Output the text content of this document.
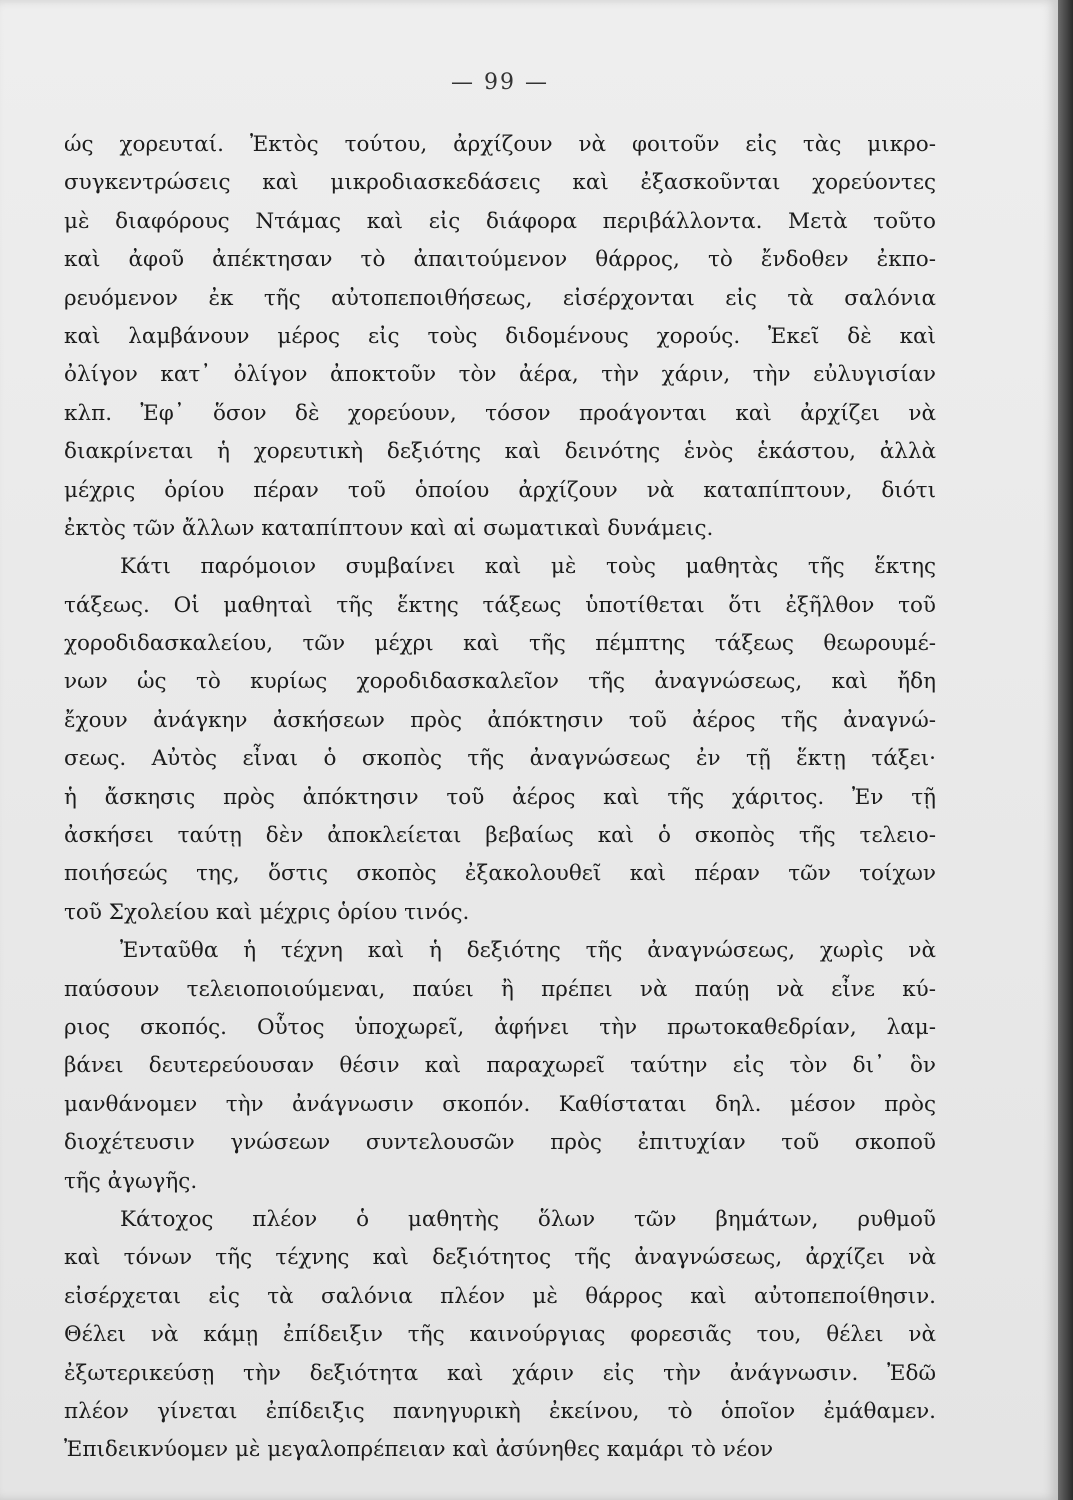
— 99 —
ώς χορευταί. Ἐκτὸς τούτου, ἀρχίζουν νὰ φοιτοῦν εἰς τὰς μικρο-
συγκεντρώσεις καὶ μικροδιασκεδάσεις καὶ ἐξασκοῦνται χορεύοντες
μὲ διαφόρους Ντάμας καὶ εἰς διάφορα περιβάλλοντα. Μετὰ τοῦτο
καὶ ἀφοῦ ἀπέκτησαν τὸ ἀπαιτούμενον θάρρος, τὸ ἔνδοθεν ἐκπο-
ρευόμενον ἐκ τῆς αὐτοπεποιθήσεως, εἰσέρχονται εἰς τὰ σαλόνια
καὶ λαμβάνουν μέρος εἰς τοὺς διδομένους χορούς. Ἐκεῖ δὲ καὶ
ὀλίγον κατ᾽ ὀλίγον ἀποκτοῦν τὸν ἀέρα, τὴν χάριν, τὴν εὐλυγισίαν
κλπ. Ἐφ᾽ ὅσον δὲ χορεύουν, τόσον προάγονται καὶ ἀρχίζει νὰ
διακρίνεται ἡ χορευτικὴ δεξιότης καὶ δεινότης ἑνὸς ἑκάστου, ἀλλὰ
μέχρις ὁρίου πέραν τοῦ ὁποίου ἀρχίζουν νὰ καταπίπτουν, διότι
ἐκτὸς τῶν ἄλλων καταπίπτουν καὶ αἱ σωματικαὶ δυνάμεις.
Κάτι παρόμοιον συμβαίνει καὶ μὲ τοὺς μαθητὰς τῆς ἕκτης
τάξεως. Οἱ μαθηταὶ τῆς ἕκτης τάξεως ὑποτίθεται ὅτι ἐξῆλθον τοῦ
χοροδιδασκαλείου, τῶν μέχρι καὶ τῆς πέμπτης τάξεως θεωρουμέ-
νων ὡς τὸ κυρίως χοροδιδασκαλεῖον τῆς ἀναγνώσεως, καὶ ἤδη
ἔχουν ἀνάγκην ἀσκήσεων πρὸς ἀπόκτησιν τοῦ ἀέρος τῆς ἀναγνώ-
σεως. Αὐτὸς εἶναι ὁ σκοπὸς τῆς ἀναγνώσεως ἐν τῇ ἕκτῃ τάξει·
ἡ ἄσκησις πρὸς ἀπόκτησιν τοῦ ἀέρος καὶ τῆς χάριτος. Ἐν τῇ
ἀσκήσει ταύτῃ δὲν ἀποκλείεται βεβαίως καὶ ὁ σκοπὸς τῆς τελειο-
ποιήσεώς της, ὅστις σκοπὸς ἐξακολουθεῖ καὶ πέραν τῶν τοίχων
τοῦ Σχολείου καὶ μέχρις ὁρίου τινός.
Ἐνταῦθα ἡ τέχνη καὶ ἡ δεξιότης τῆς ἀναγνώσεως, χωρὶς νὰ
παύσουν τελειοποιούμεναι, παύει ἢ πρέπει νὰ παύῃ νὰ εἶνε κύ-
ριος σκοπός. Οὗτος ὑποχωρεῖ, ἀφήνει τὴν πρωτοκαθεδρίαν, λαμ-
βάνει δευτερεύουσαν θέσιν καὶ παραχωρεῖ ταύτην εἰς τὸν δι᾽ ὃν
μανθάνομεν τὴν ἀνάγνωσιν σκοπόν. Καθίσταται δηλ. μέσον πρὸς
διοχέτευσιν γνώσεων συντελουσῶν πρὸς ἐπιτυχίαν τοῦ σκοποῦ
τῆς ἀγωγῆς.
Κάτοχος πλέον ὁ μαθητὴς ὅλων τῶν βημάτων, ρυθμοῦ
καὶ τόνων τῆς τέχνης καὶ δεξιότητος τῆς ἀναγνώσεως, ἀρχίζει νὰ
εἰσέρχεται εἰς τὰ σαλόνια πλέον μὲ θάρρος καὶ αὐτοπεποίθησιν.
Θέλει νὰ κάμῃ ἐπίδειξιν τῆς καινούργιας φορεσιᾶς του, θέλει νὰ
ἐξωτερικεύσῃ τὴν δεξιότητα καὶ χάριν εἰς τὴν ἀνάγνωσιν. Ἐδῶ
πλέον γίνεται ἐπίδειξις πανηγυρικὴ ἐκείνου, τὸ ὁποῖον ἐμάθαμεν.
Ἐπιδεικνύομεν μὲ μεγαλοπρέπειαν καὶ ἀσύνηθες καμάρι τὸ νέον
